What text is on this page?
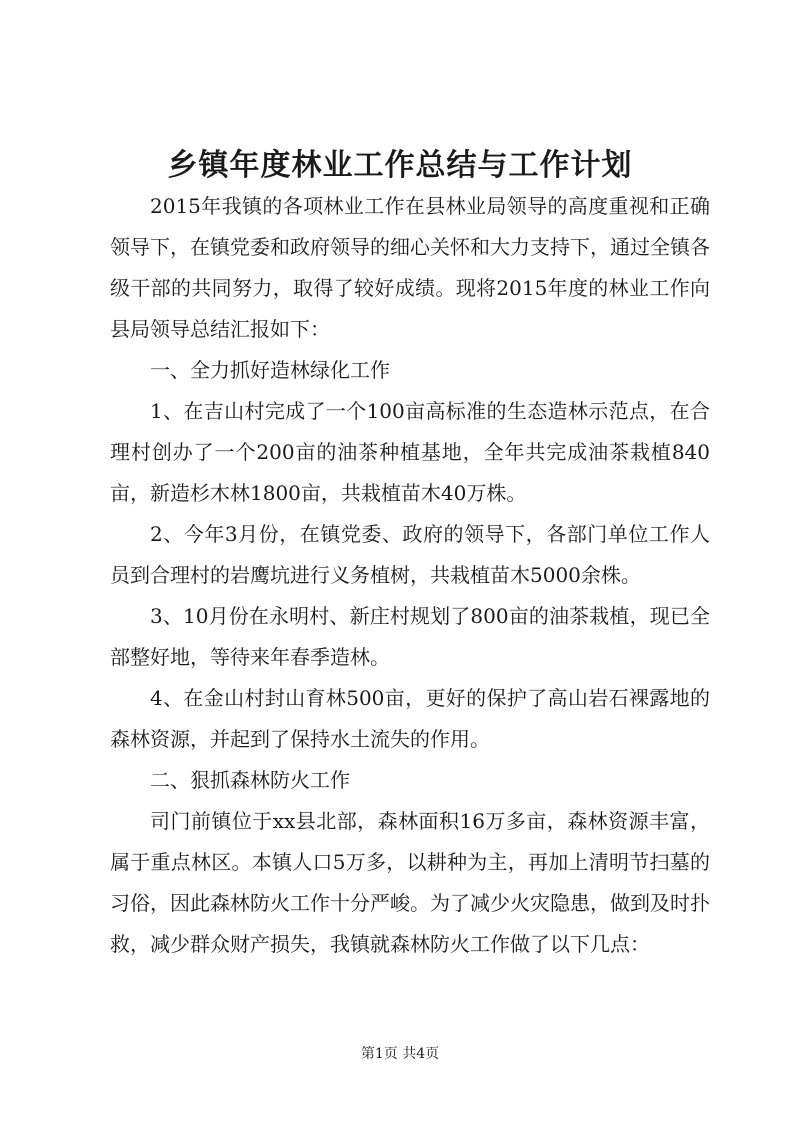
乡镇年度林业工作总结与工作计划

2015年我镇的各项林业工作在县林业局领导的高度重视和正确领导下，在镇党委和政府领导的细心关怀和大力支持下，通过全镇各级干部的共同努力，取得了较好成绩。现将2015年度的林业工作向县局领导总结汇报如下：

一、全力抓好造林绿化工作

1、在吉山村完成了一个100亩高标准的生态造林示范点，在合理村创办了一个200亩的油茶种植基地，全年共完成油茶栽植840亩，新造杉木林1800亩，共栽植苗木40万株。

2、今年3月份，在镇党委、政府的领导下，各部门单位工作人员到合理村的岩鹰坑进行义务植树，共栽植苗木5000余株。

3、10月份在永明村、新庄村规划了800亩的油茶栽植，现已全部整好地，等待来年春季造林。

4、在金山村封山育林500亩，更好的保护了高山岩石裸露地的森林资源，并起到了保持水土流失的作用。

二、狠抓森林防火工作

司门前镇位于xx县北部，森林面积16万多亩，森林资源丰富，属于重点林区。本镇人口5万多，以耕种为主，再加上清明节扫墓的习俗，因此森林防火工作十分严峻。为了减少火灾隐患，做到及时扑救，减少群众财产损失，我镇就森林防火工作做了以下几点：

第1页 共4页
